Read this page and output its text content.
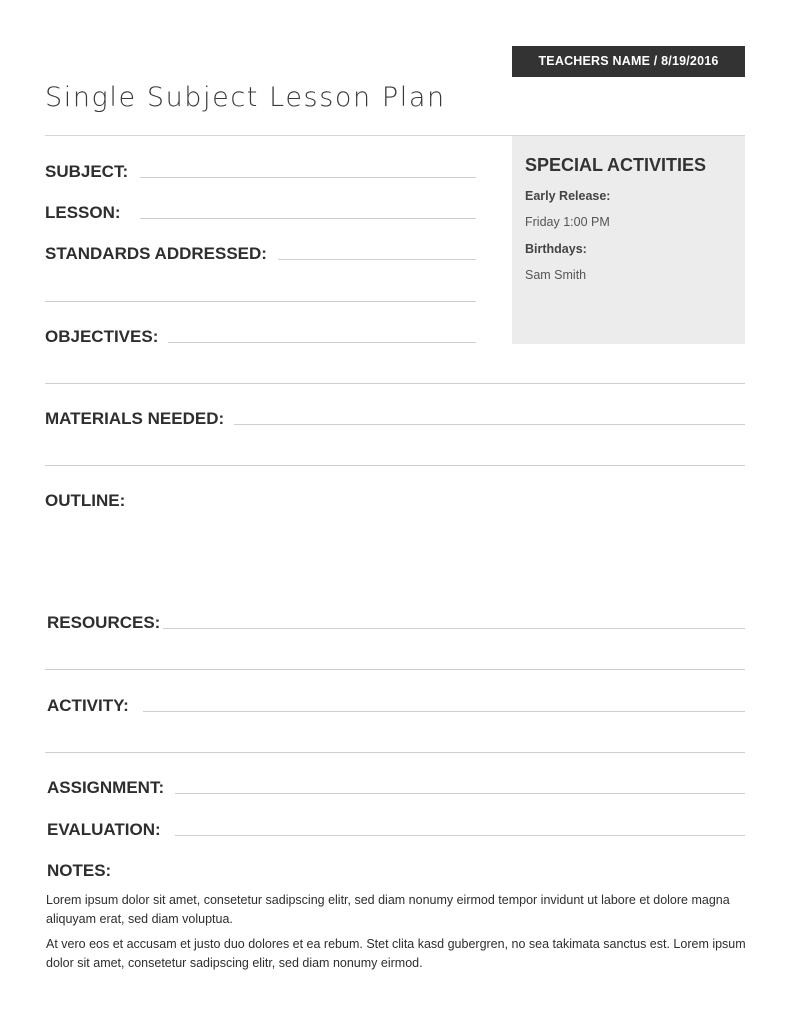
TEACHERS NAME / 8/19/2016
Single Subject Lesson Plan
SPECIAL ACTIVITIES
Early Release:
Friday 1:00 PM
Birthdays:
Sam Smith
SUBJECT:
LESSON:
STANDARDS ADDRESSED:
OBJECTIVES:
MATERIALS NEEDED:
OUTLINE:
RESOURCES:
ACTIVITY:
ASSIGNMENT:
EVALUATION:
NOTES:
Lorem ipsum dolor sit amet, consetetur sadipscing elitr, sed diam nonumy eirmod tempor invidunt ut labore et dolore magna aliquyam erat, sed diam voluptua.
At vero eos et accusam et justo duo dolores et ea rebum. Stet clita kasd gubergren, no sea takimata sanctus est. Lorem ipsum dolor sit amet, consetetur sadipscing elitr, sed diam nonumy eirmod.
